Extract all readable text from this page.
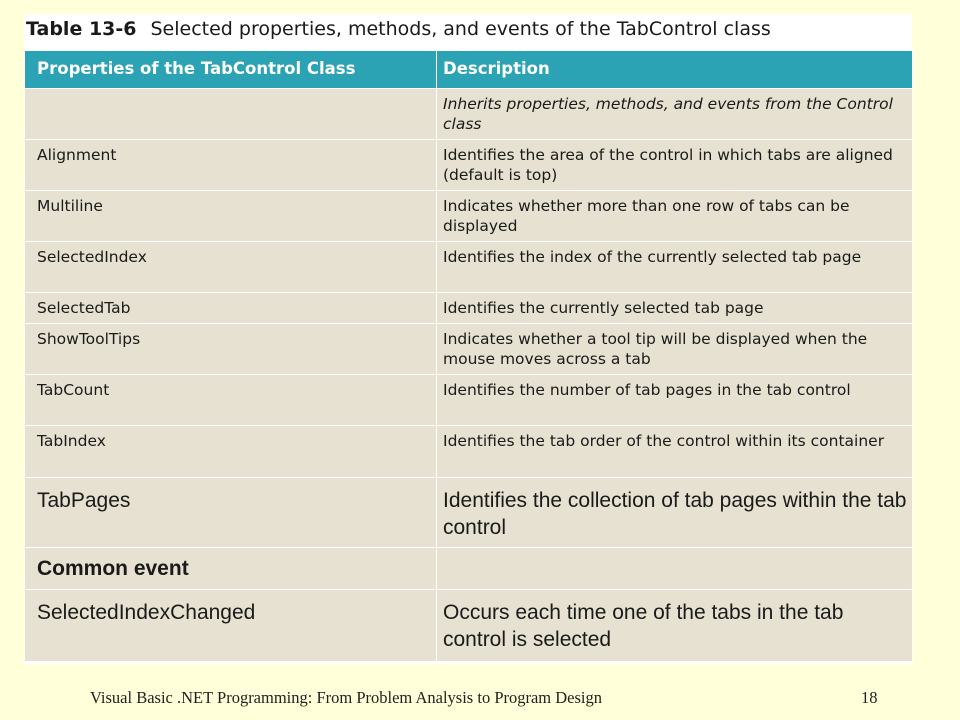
Table 13-6 Selected properties, methods, and events of the TabControl class
Properties of the TabControl Class	Description
	Inherits properties, methods, and events from the Control class
Alignment	Identifies the area of the control in which tabs are aligned (default is top)
Multiline	Indicates whether more than one row of tabs can be displayed
SelectedIndex	Identifies the index of the currently selected tab page
SelectedTab	Identifies the currently selected tab page
ShowToolTips	Indicates whether a tool tip will be displayed when the mouse moves across a tab
TabCount	Identifies the number of tab pages in the tab control
TabIndex	Identifies the tab order of the control within its container
TabPages	Identifies the collection of tab pages within the tab control
Common event	
SelectedIndexChanged	Occurs each time one of the tabs in the tab control is selected
Visual Basic .NET Programming: From Problem Analysis to Program Design	18
